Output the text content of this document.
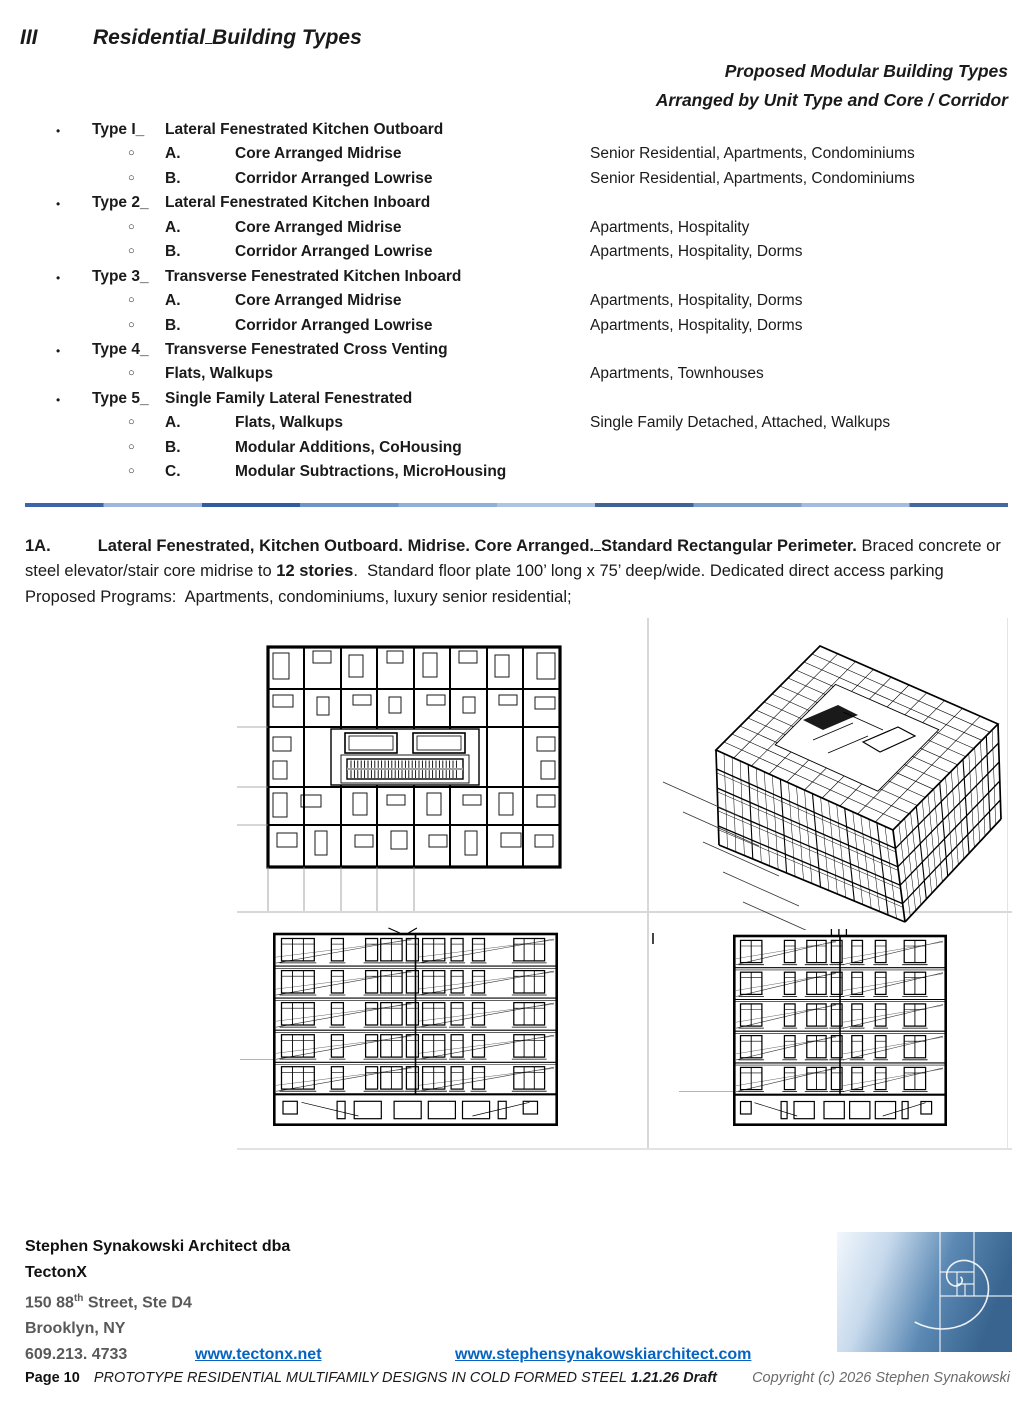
III	Residential Building Types
Proposed Modular Building Types
Arranged by Unit Type and Core / Corridor
• Type I_ Lateral Fenestrated Kitchen Outboard
○ A.	Core Arranged Midrise	Senior Residential, Apartments, Condominiums
○ B.	Corridor Arranged Lowrise	Senior Residential, Apartments, Condominiums
• Type 2_ Lateral Fenestrated Kitchen Inboard
○ A.	Core Arranged Midrise	Apartments, Hospitality
○ B.	Corridor Arranged Lowrise	Apartments, Hospitality, Dorms
• Type 3_ Transverse Fenestrated Kitchen Inboard
○ A.	Core Arranged Midrise	Apartments, Hospitality, Dorms
○ B.	Corridor Arranged Lowrise	Apartments, Hospitality, Dorms
• Type 4_ Transverse Fenestrated Cross Venting
○ Flats, Walkups	Apartments, Townhouses
• Type 5_ Single Family Lateral Fenestrated
○ A.	Flats, Walkups	Single Family Detached, Attached, Walkups
○ B.	Modular Additions, CoHousing
○ C.	Modular Subtractions, MicroHousing
1A.	Lateral Fenestrated, Kitchen Outboard. Midrise. Core Arranged. Standard Rectangular Perimeter. Braced concrete or steel elevator/stair core midrise to 12 stories.  Standard floor plate 100’ long x 75’ deep/wide. Dedicated direct access parking Proposed Programs:  Apartments, condominiums, luxury senior residential;
Stephen Synakowski Architect dba
TectonX
150 88th Street, Ste D4
Brooklyn, NY
609.213. 4733	www.tectonx.net	www.stephensynakowskiarchitect.com
Page 10 PROTOTYPE RESIDENTIAL MULTIFAMILY DESIGNS IN COLD FORMED STEEL 1.21.26 Draft Copyright (c) 2026 Stephen Synakowski
